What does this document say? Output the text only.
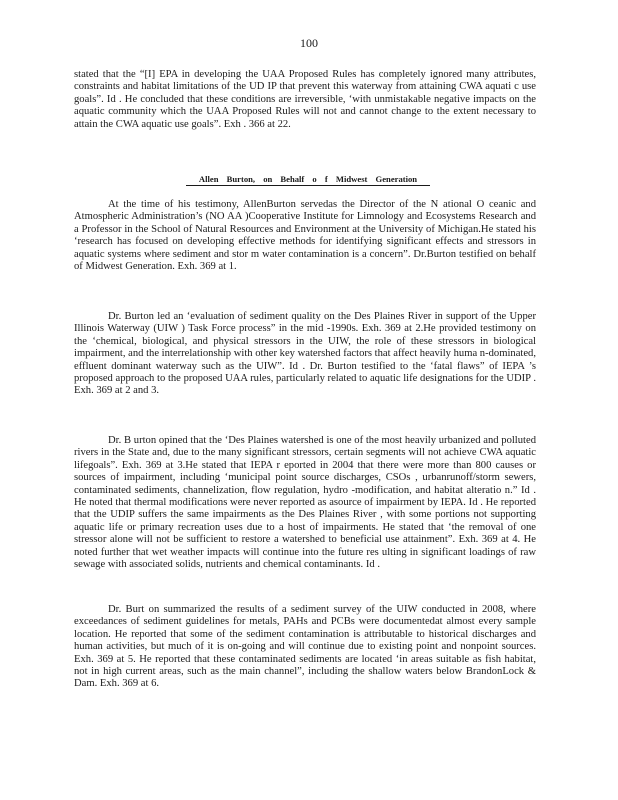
100

stated that the “[I] EPA in developing the UAA Proposed Rules has completely ignored many attributes, constraints and habitat limitations of the UD IP that prevent this waterway from attaining CWA aquati c use goals”. Id . He concluded that these conditions are irreversible, ‘with unmistakable negative impacts on the aquatic community which the UAA Proposed Rules will not and cannot change to the extent necessary to attain the CWA aquatic use goals”. Exh . 366 at 22.

Allen Burton, on Behalf o f Midwest Generation

At the time of his testimony, AllenBurton servedas the Director of the N ational O ceanic and Atmospheric Administration’s (NO AA )Cooperative Institute for Limnology and Ecosystems Research and a Professor in the School of Natural Resources and Environment at the University of Michigan.He stated his ‘research has focused on developing effective methods for identifying significant effects and stressors in aquatic systems where sediment and stor m water contamination is a concern”. Dr.Burton testified on behalf of Midwest Generation. Exh. 369 at 1.

Dr. Burton led an ‘evaluation of sediment quality on the Des Plaines River in support of the Upper Illinois Waterway (UIW ) Task Force process” in the mid -1990s. Exh. 369 at 2.He provided testimony on the ‘chemical, biological, and physical stressors in the UIW, the role of these stressors in biological impairment, and the interrelationship with other key watershed factors that affect heavily huma n-dominated, effluent dominant waterway such as the UIW”. Id . Dr. Burton testified to the ‘fatal flaws” of IEPA ’s proposed approach to the proposed UAA rules, particularly related to aquatic life designations for the UDIP . Exh. 369 at 2 and 3.

Dr. B urton opined that the ‘Des Plaines watershed is one of the most heavily urbanized and polluted rivers in the State and, due to the many significant stressors, certain segments will not achieve CWA aquatic lifegoals”. Exh. 369 at 3.He stated that IEPA r eported in 2004 that there were more than 800 causes or sources of impairment, including ‘municipal point source discharges, CSOs , urbanrunoff/storm sewers, contaminated sediments, channelization, flow regulation, hydro -modification, and habitat alteratio n.” Id . He noted that thermal modifications were never reported as asource of impairment by IEPA. Id . He reported that the UDIP suffers the same impairments as the Des Plaines River , with some portions not supporting aquatic life or primary recreation uses due to a host of impairments. He stated that ‘the removal of one stressor alone will not be sufficient to restore a watershed to beneficial use attainment”. Exh. 369 at 4. He noted further that wet weather impacts will continue into the future res ulting in significant loadings of raw sewage with associated solids, nutrients and chemical contaminants. Id .

Dr. Burt on summarized the results of a sediment survey of the UIW conducted in 2008, where exceedances of sediment guidelines for metals, PAHs and PCBs were documentedat almost every sample location. He reported that some of the sediment contamination is attributable to historical discharges and human activities, but much of it is on-going and will continue due to existing point and nonpoint sources. Exh. 369 at 5. He reported that these contaminated sediments are located ‘in areas suitable as fish habitat, not in high current areas, such as the main channel”, including the shallow waters below BrandonLock & Dam. Exh. 369 at 6.
